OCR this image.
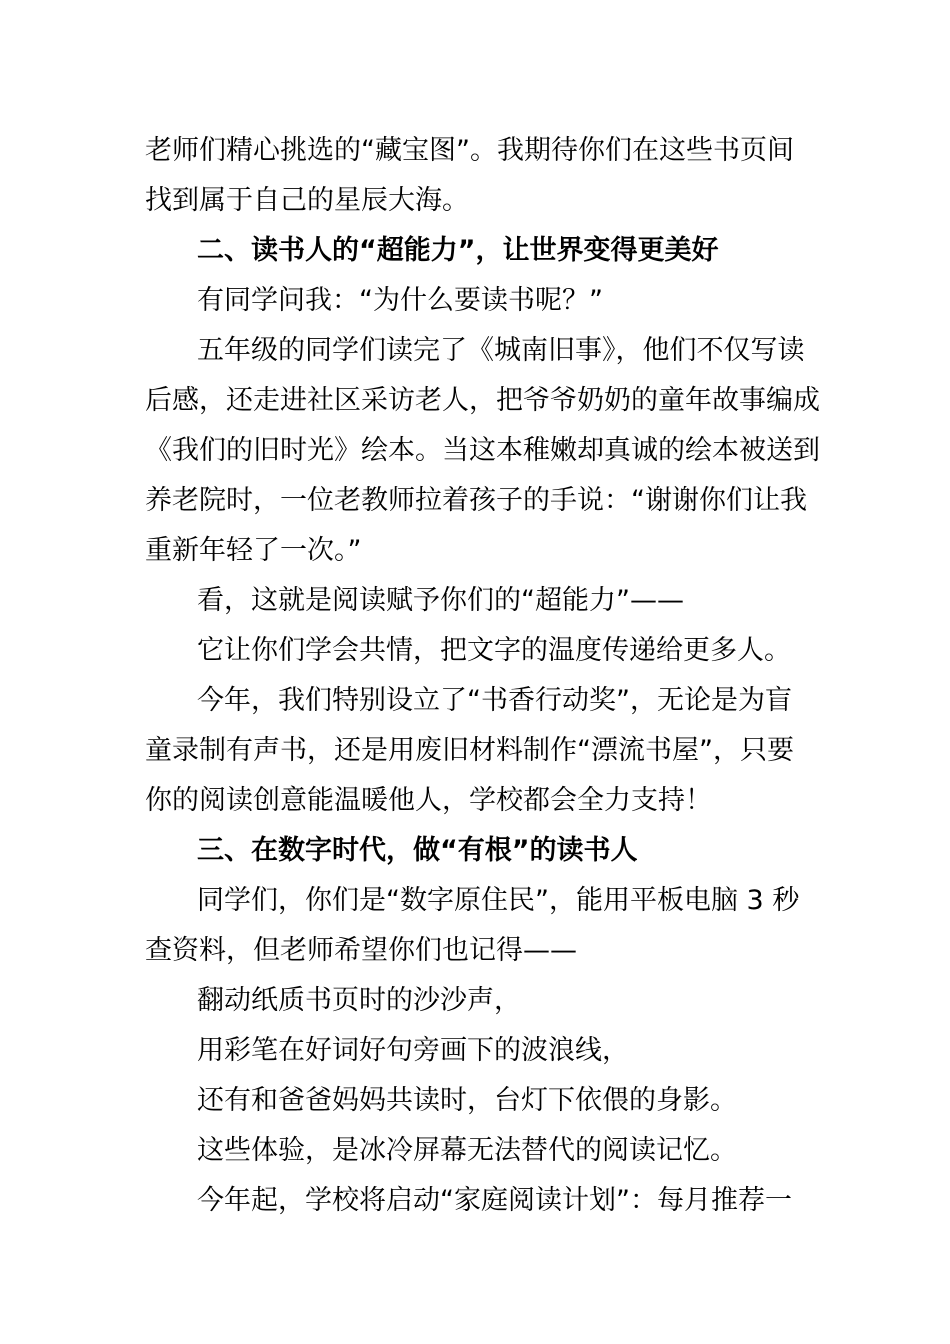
老师们精心挑选的“藏宝图”。我期待你们在这些书页间
找到属于自己的星辰大海。
二、读书人的“超能力”，让世界变得更美好
有同学问我：“为什么要读书呢？”
五年级的同学们读完了《城南旧事》，他们不仅写读
后感，还走进社区采访老人，把爷爷奶奶的童年故事编成
《我们的旧时光》绘本。当这本稚嫩却真诚的绘本被送到
养老院时，一位老教师拉着孩子的手说：“谢谢你们让我
重新年轻了一次。”
看，这就是阅读赋予你们的“超能力”——
它让你们学会共情，把文字的温度传递给更多人。
今年，我们特别设立了“书香行动奖”，无论是为盲
童录制有声书，还是用废旧材料制作“漂流书屋”，只要
你的阅读创意能温暖他人，学校都会全力支持！
三、在数字时代，做“有根”的读书人
同学们，你们是“数字原住民”，能用平板电脑 3 秒
查资料，但老师希望你们也记得——
翻动纸质书页时的沙沙声，
用彩笔在好词好句旁画下的波浪线，
还有和爸爸妈妈共读时，台灯下依偎的身影。
这些体验，是冰冷屏幕无法替代的阅读记忆。
今年起，学校将启动“家庭阅读计划”：每月推荐一
